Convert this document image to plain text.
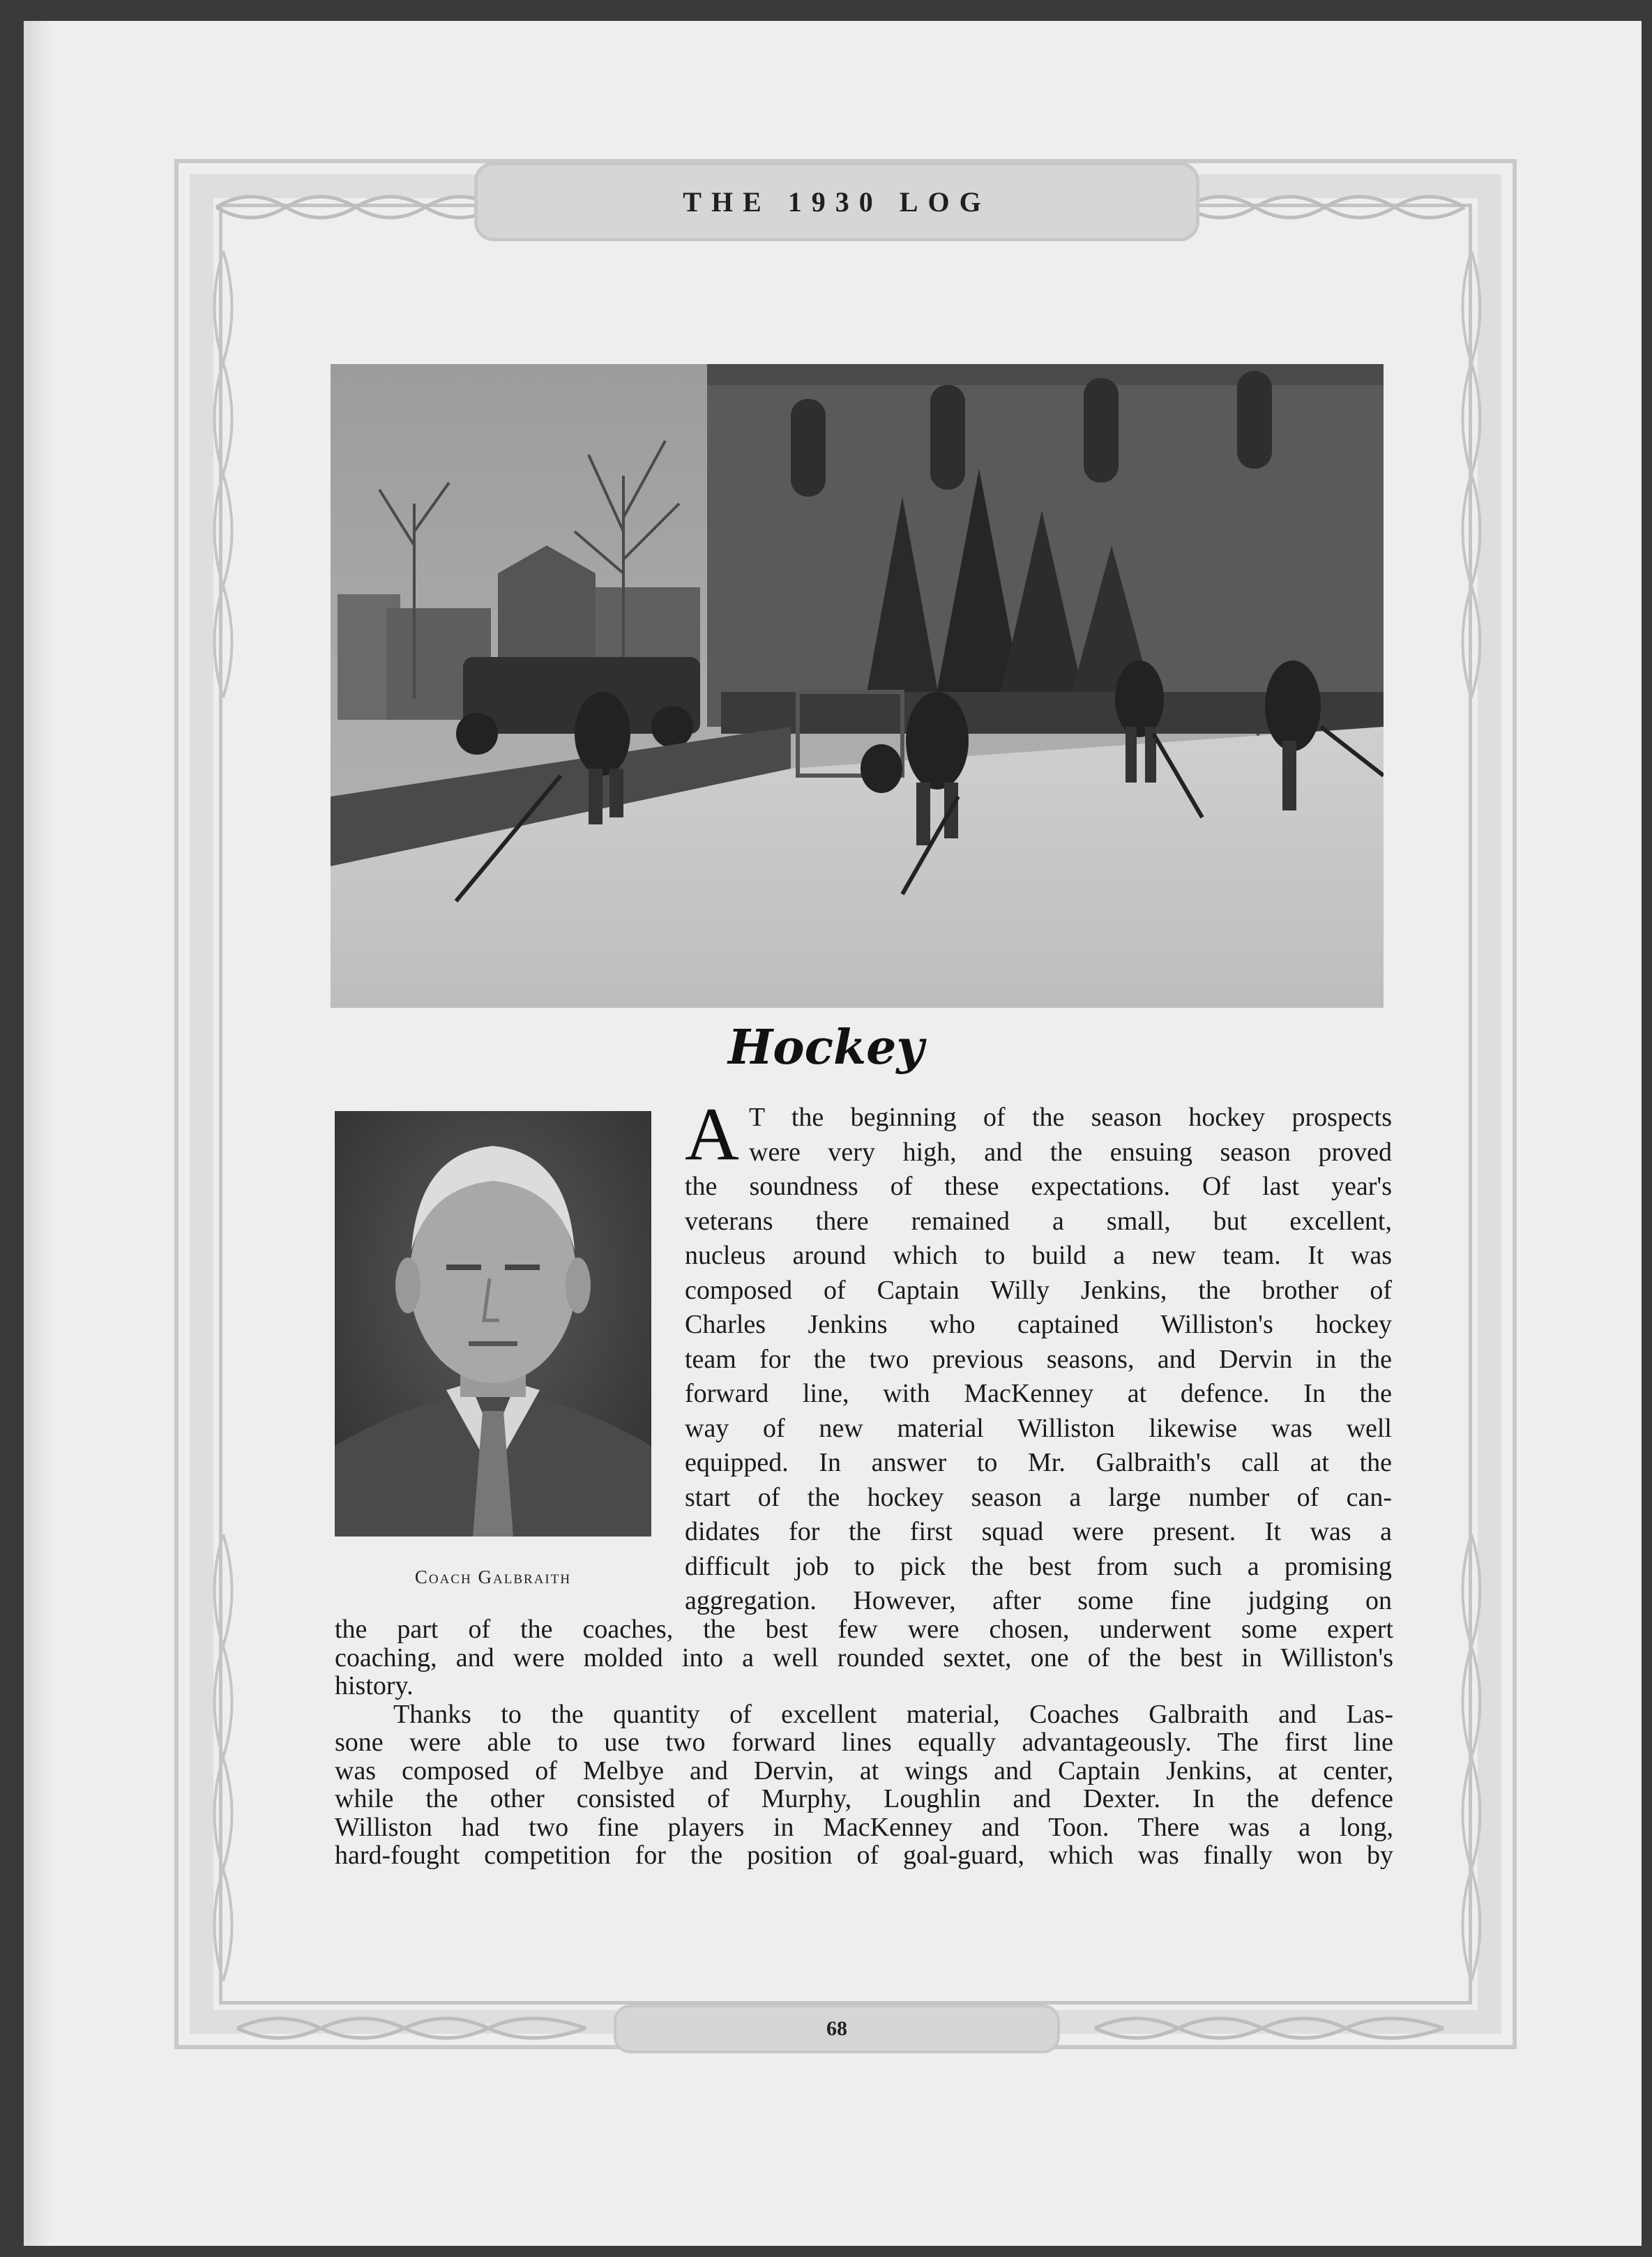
THE 1930 LOG
Hockey
Coach Galbraith
A T the beginning of the season hockey prospects
were very high, and the ensuing season proved
the soundness of these expectations. Of last year's
veterans there remained a small, but excellent,
nucleus around which to build a new team. It was
composed of Captain Willy Jenkins, the brother of
Charles Jenkins who captained Williston's hockey
team for the two previous seasons, and Dervin in the
forward line, with MacKenney at defence. In the
way of new material Williston likewise was well
equipped. In answer to Mr. Galbraith's call at the
start of the hockey season a large number of can-
didates for the first squad were present. It was a
difficult job to pick the best from such a promising
aggregation. However, after some fine judging on

the part of the coaches, the best few were chosen, underwent some expert
coaching, and were molded into a well rounded sextet, one of the best in Williston's
history.

Thanks to the quantity of excellent material, Coaches Galbraith and Las-
sone were able to use two forward lines equally advantageously. The first line
was composed of Melbye and Dervin, at wings and Captain Jenkins, at center,
while the other consisted of Murphy, Loughlin and Dexter. In the defence
Williston had two fine players in MacKenney and Toon. There was a long,
hard-fought competition for the position of goal-guard, which was finally won by

68
